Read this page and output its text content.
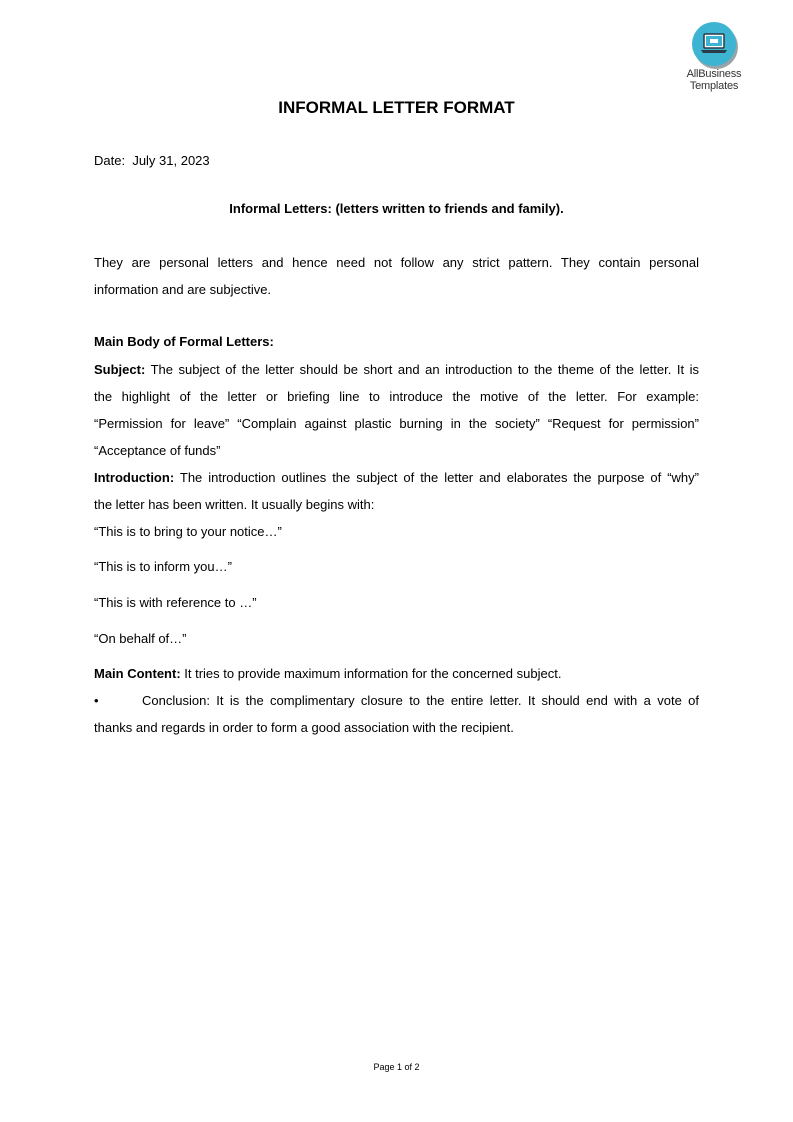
AllBusiness
Templates
INFORMAL LETTER FORMAT
Date: July 31, 2023
Informal Letters: (letters written to friends and family).
They are personal letters and hence need not follow any strict pattern. They contain personal
information and are subjective.
Main Body of Formal Letters:
Subject: The subject of the letter should be short and an introduction to the theme of the letter. It is
the highlight of the letter or briefing line to introduce the motive of the letter. For example:
“Permission for leave” “Complain against plastic burning in the society” “Request for permission”
“Acceptance of funds”
Introduction: The introduction outlines the subject of the letter and elaborates the purpose of “why”
the letter has been written. It usually begins with:
“This is to bring to your notice…”
“This is to inform you…”
“This is with reference to …”
“On behalf of…”
Main Content: It tries to provide maximum information for the concerned subject.
•	Conclusion: It is the complimentary closure to the entire letter. It should end with a vote of
thanks and regards in order to form a good association with the recipient.
Page 1 of 2
